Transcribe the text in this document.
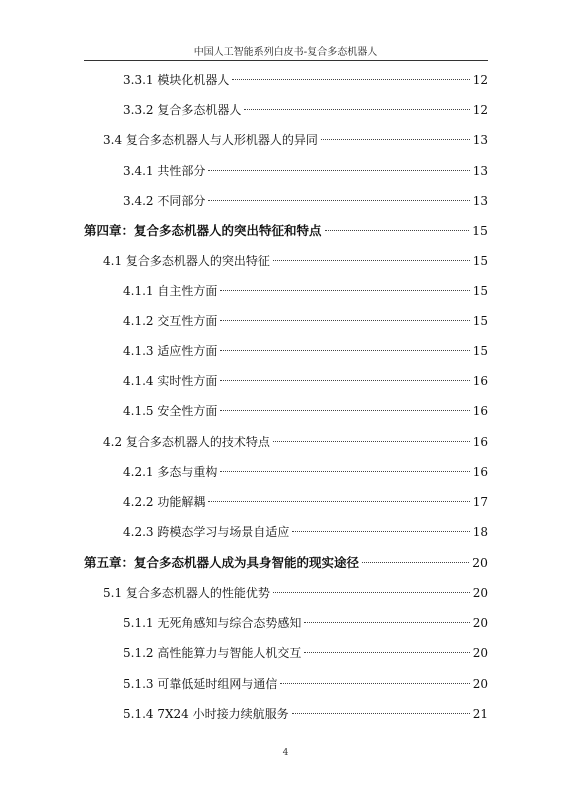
中国人工智能系列白皮书-复合多态机器人
3.3.1 模块化机器人	12
3.3.2 复合多态机器人	12
3.4 复合多态机器人与人形机器人的异同	13
3.4.1 共性部分	13
3.4.2 不同部分	13
第四章：复合多态机器人的突出特征和特点	15
4.1 复合多态机器人的突出特征	15
4.1.1 自主性方面	15
4.1.2 交互性方面	15
4.1.3 适应性方面	15
4.1.4 实时性方面	16
4.1.5 安全性方面	16
4.2 复合多态机器人的技术特点	16
4.2.1 多态与重构	16
4.2.2 功能解耦	17
4.2.3 跨模态学习与场景自适应	18
第五章：复合多态机器人成为具身智能的现实途径	20
5.1 复合多态机器人的性能优势	20
5.1.1 无死角感知与综合态势感知	20
5.1.2 高性能算力与智能人机交互	20
5.1.3 可靠低延时组网与通信	20
5.1.4 7X24 小时接力续航服务	21
4
